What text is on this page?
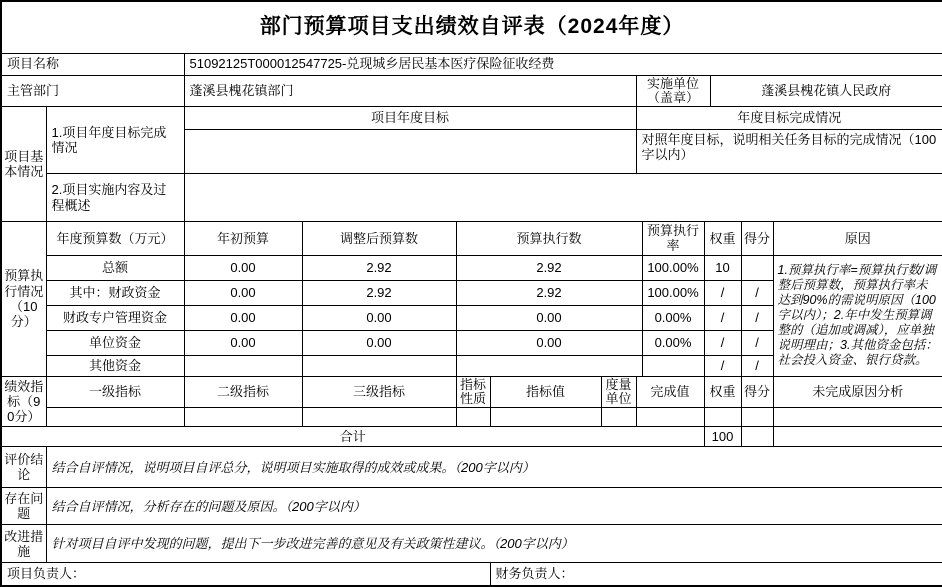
部门预算项目支出绩效自评表（2024年度）												
项目名称		51092125T000012547725-兑现城乡居民基本医疗保险征收经费										
主管部门		蓬溪县槐花镇部门					实施单位（盖章）			蓬溪县槐花镇人民政府		
项目基本情况	1.项目年度目标完成情况	项目年度目标					年度目标完成情况					
							对照年度目标，说明相关任务目标的完成情况（100字以内）					
	2.项目实施内容及过程概述											
预算执行情况（10分）	年度预算数（万元）	年初预算	调整后预算数	预算执行数				预算执行率	权重		得分	原因
	总额	0.00	2.92	2.92				100.00%	10			1.预算执行率=预算执行数/调整后预算数，预算执行率未达到90%的需说明原因（100字以内）；2.年中发生预算调整的（追加或调减），应单独说明理由；3.其他资金包括：社会投入资金、银行贷款。
	其中：财政资金	0.00	2.92	2.92				100.00%	/		/	
	财政专户管理资金	0.00	0.00	0.00				0.00%	/		/	
	单位资金	0.00	0.00	0.00				0.00%	/		/	
	其他资金								/		/	
绩效指标（90分）	一级指标	二级指标	三级指标	指标性质	指标值	度量单位	完成值		权重		得分	未完成原因分析

合计									100			
评价结论	结合自评情况，说明项目自评总分，说明项目实施取得的成效或成果。（200字以内）											
存在问题	结合自评情况，分析存在的问题及原因。（200字以内）											
改进措施	针对项目自评中发现的问题，提出下一步改进完善的意见及有关政策性建议。（200字以内）											
项目负责人：					财务负责人：							
